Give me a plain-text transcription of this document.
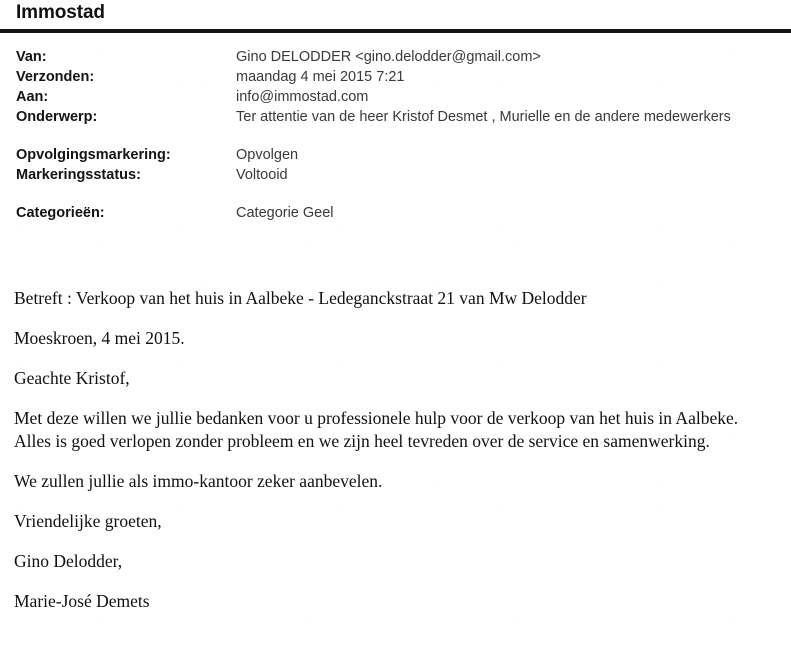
Immostad
Van:	Gino DELODDER <gino.delodder@gmail.com>
Verzonden:	maandag 4 mei 2015 7:21
Aan:	info@immostad.com
Onderwerp:	Ter attentie van de heer Kristof Desmet , Murielle en de andere medewerkers
Opvolgingsmarkering:	Opvolgen
Markeringsstatus:	Voltooid
Categorieën:	Categorie Geel
Betreft : Verkoop van het huis in Aalbeke - Ledeganckstraat 21 van Mw Delodder
Moeskroen, 4 mei 2015.
Geachte Kristof,
Met deze willen we jullie bedanken voor u professionele hulp voor de verkoop van het huis in Aalbeke.
Alles is goed verlopen zonder probleem en we zijn heel tevreden over de service en samenwerking.
We zullen jullie als immo-kantoor zeker aanbevelen.
Vriendelijke groeten,
Gino Delodder,
Marie-José Demets
